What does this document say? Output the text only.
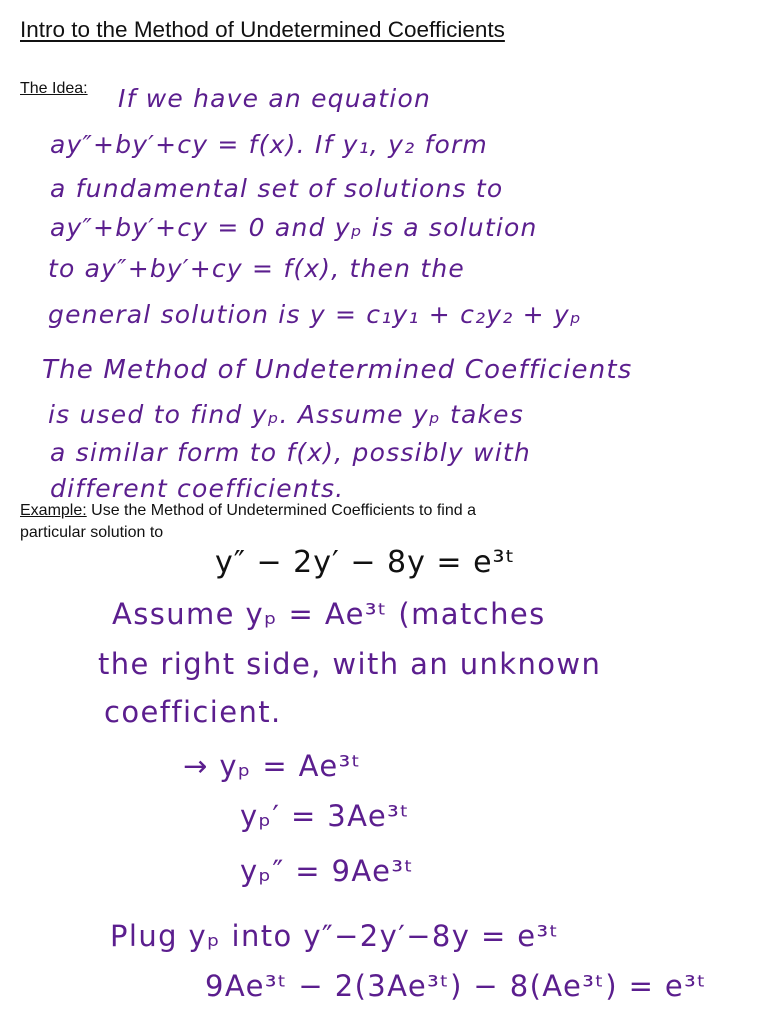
Intro to the Method of Undetermined Coefficients
The Idea: If we have an equation
ay″+by′+cy = f(x). If y₁, y₂ form
a fundamental set of solutions to
ay″+by′+cy = 0 and yₚ is a solution
to ay″+by′+cy = f(x), then the
general solution is y = c₁y₁ + c₂y₂ + yₚ
The Method of Undetermined Coefficients
is used to find yₚ. Assume yₚ takes
a similar form to f(x), possibly with
different coefficients.
Example: Use the Method of Undetermined Coefficients to find a
particular solution to
y″ − 2y′ − 8y = e³ᵗ
Assume yₚ = Ae³ᵗ (matches
the right side, with an unknown
coefficient.
→ yₚ = Ae³ᵗ
yₚ′ = 3Ae³ᵗ
yₚ″ = 9Ae³ᵗ
Plug yₚ into y″−2y′−8y = e³ᵗ
9Ae³ᵗ − 2(3Ae³ᵗ) − 8(Ae³ᵗ) = e³ᵗ
